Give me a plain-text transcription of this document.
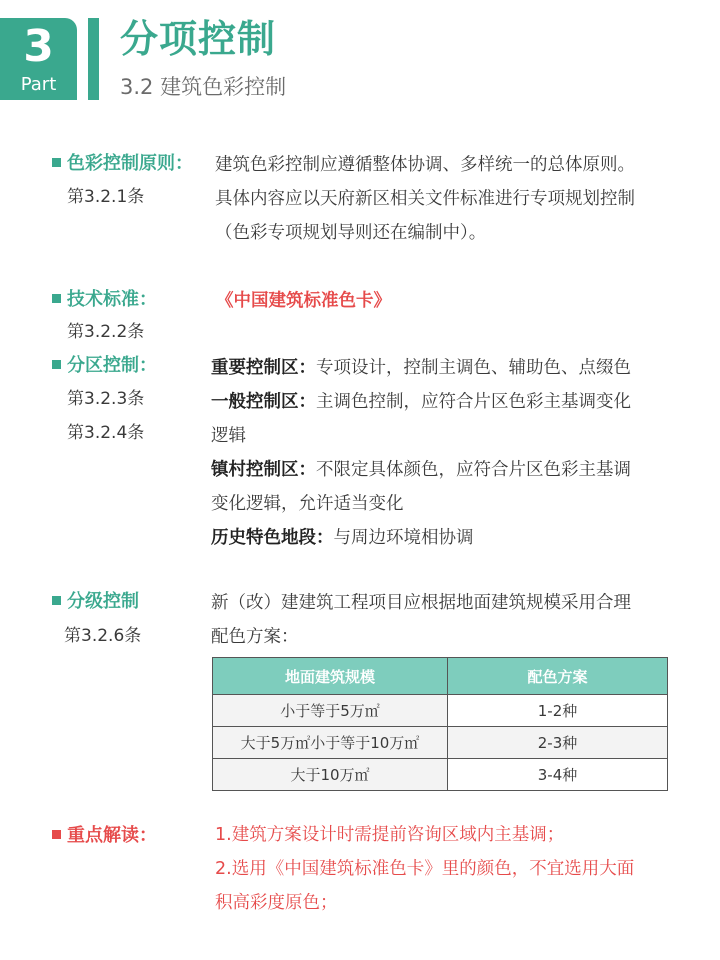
3
Part
分项控制
3.2 建筑色彩控制
色彩控制原则：
第3.2.1条
建筑色彩控制应遵循整体协调、多样统一的总体原则。
具体内容应以天府新区相关文件标准进行专项规划控制
（色彩专项规划导则还在编制中）。
技术标准：
第3.2.2条
《中国建筑标准色卡》
分区控制：
第3.2.3条
第3.2.4条
重要控制区：专项设计，控制主调色、辅助色、点缀色
一般控制区：主调色控制，应符合片区色彩主基调变化
逻辑
镇村控制区：不限定具体颜色，应符合片区色彩主基调
变化逻辑，允许适当变化
历史特色地段：与周边环境相协调
分级控制
第3.2.6条
新（改）建建筑工程项目应根据地面建筑规模采用合理
配色方案：
地面建筑规模	配色方案
小于等于5万㎡	1-2种
大于5万㎡小于等于10万㎡	2-3种
大于10万㎡	3-4种
重点解读：	1.建筑方案设计时需提前咨询区域内主基调；
2.选用《中国建筑标准色卡》里的颜色，不宜选用大面
积高彩度原色；
